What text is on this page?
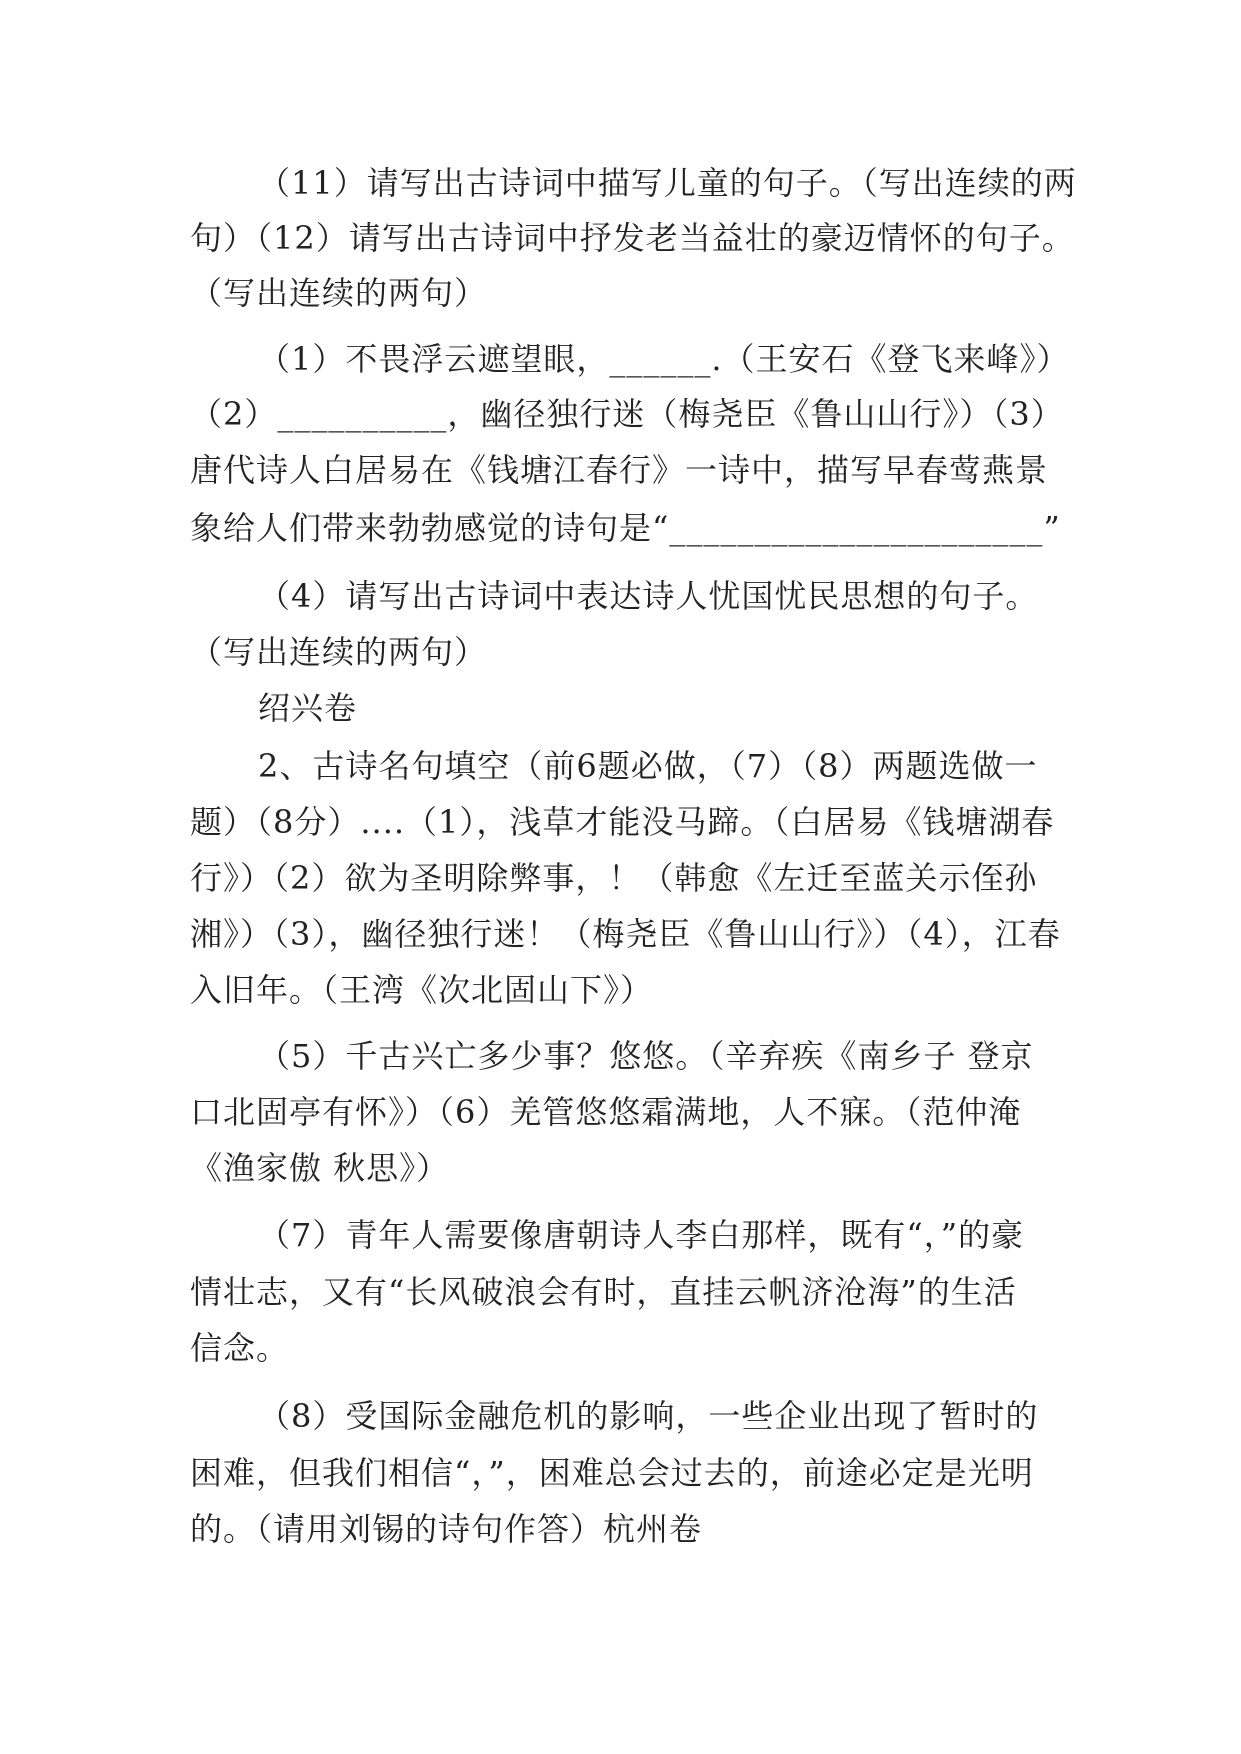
（11）请写出古诗词中描写儿童的句子。（写出连续的两
句）（12）请写出古诗词中抒发老当益壮的豪迈情怀的句子。
（写出连续的两句）
（1）不畏浮云遮望眼，______.（王安石《登飞来峰》）
（2）__________，幽径独行迷（梅尧臣《鲁山山行》）（3）
唐代诗人白居易在《钱塘江春行》一诗中，描写早春莺燕景
象给人们带来勃勃感觉的诗句是“______________________”
（4）请写出古诗词中表达诗人忧国忧民思想的句子。
（写出连续的两句）
绍兴卷
2、古诗名句填空（前6题必做，（7）（8）两题选做一
题）（8分）....（1），浅草才能没马蹄。（白居易《钱塘湖春
行》）（2）欲为圣明除弊事，！（韩愈《左迁至蓝关示侄孙
湘》）（3），幽径独行迷！（梅尧臣《鲁山山行》）（4），江春
入旧年。（王湾《次北固山下》）
（5）千古兴亡多少事？悠悠。（辛弃疾《南乡子 登京
口北固亭有怀》）（6）羌管悠悠霜满地，人不寐。（范仲淹
《渔家傲 秋思》）
（7）青年人需要像唐朝诗人李白那样，既有“，”的豪
情壮志，又有“长风破浪会有时，直挂云帆济沧海”的生活
信念。
（8）受国际金融危机的影响，一些企业出现了暂时的
困难，但我们相信“，”，困难总会过去的，前途必定是光明
的。（请用刘锡的诗句作答）杭州卷
